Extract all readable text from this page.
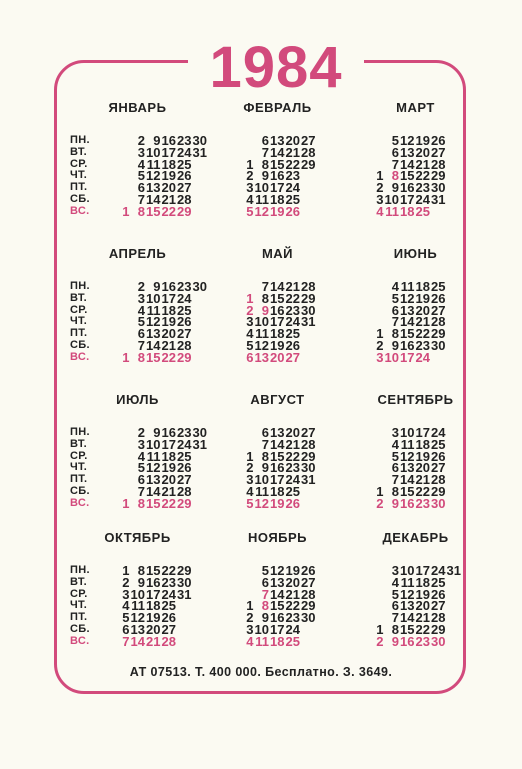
1984
ЯНВАРЬ
ПН.
ВТ.
СР.
ЧТ.
ПТ.
СБ.
ВС.
2 9162330
310172431
4 111825
5121926
6132027
7142128
1 8152229
ФЕВРАЛЬ
6132027
7142128
1 8152229
2 91623
3101724
4 111825
5121926
МАРТ
5121926
6132027
7142128
1 8152229
2 9162330
310172431
4 111825
АПРЕЛЬ
ПН.
ВТ.
СР.
ЧТ.
ПТ.
СБ.
ВС.
2 9162330
3101724
4 111825
5121926
6132027
7142128
1 8152229
МАЙ
7142128
1 8152229
2 9162330
310172431
4 111825
5121926
6132027
ИЮНЬ
4 111825
5121926
6132027
7142128
1 8152229
2 9162330
3101724
ИЮЛЬ
ПН.
ВТ.
СР.
ЧТ.
ПТ.
СБ.
ВС.
2 9162330
310172431
4 111825
5121926
6132027
7142128
1 8152229
АВГУСТ
6132027
7142128
1 8152229
2 9162330
310172431
4 111825
5121926
СЕНТЯБРЬ
3101724
4 111825
5121926
6132027
7142128
1 8152229
2 9162330
ОКТЯБРЬ
ПН.
ВТ.
СР.
ЧТ.
ПТ.
СБ.
ВС.
1 8152229
2 9162330
310172431
4 111825
5121926
6132027
7142128
НОЯБРЬ
5121926
6132027
7142128
1 8152229
2 9162330
3101724
4 111825
ДЕКАБРЬ
310172431
4 111825
5121926
6132027
7142128
1 8152229
2 9162330
АТ 07513. Т. 400 000. Бесплатно. З. 3649.
